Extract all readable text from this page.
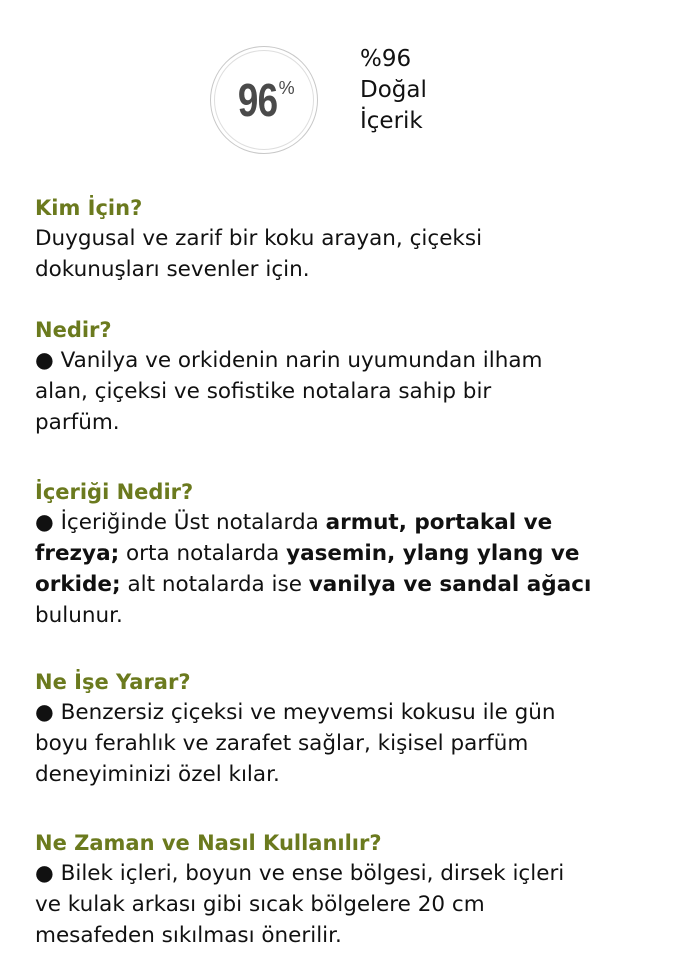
96 %
%96
Doğal
İçerik
Kim İçin?
Duygusal ve zarif bir koku arayan, çiçeksi
dokunuşları sevenler için.
Nedir?
● Vanilya ve orkidenin narin uyumundan ilham
alan, çiçeksi ve sofistike notalara sahip bir
parfüm.
İçeriği Nedir?
● İçeriğinde Üst notalarda armut, portakal ve
frezya; orta notalarda yasemin, ylang ylang ve
orkide; alt notalarda ise vanilya ve sandal ağacı
bulunur.
Ne İşe Yarar?
● Benzersiz çiçeksi ve meyvemsi kokusu ile gün
boyu ferahlık ve zarafet sağlar, kişisel parfüm
deneyiminizi özel kılar.
Ne Zaman ve Nasıl Kullanılır?
● Bilek içleri, boyun ve ense bölgesi, dirsek içleri
ve kulak arkası gibi sıcak bölgelere 20 cm
mesafeden sıkılması önerilir.
